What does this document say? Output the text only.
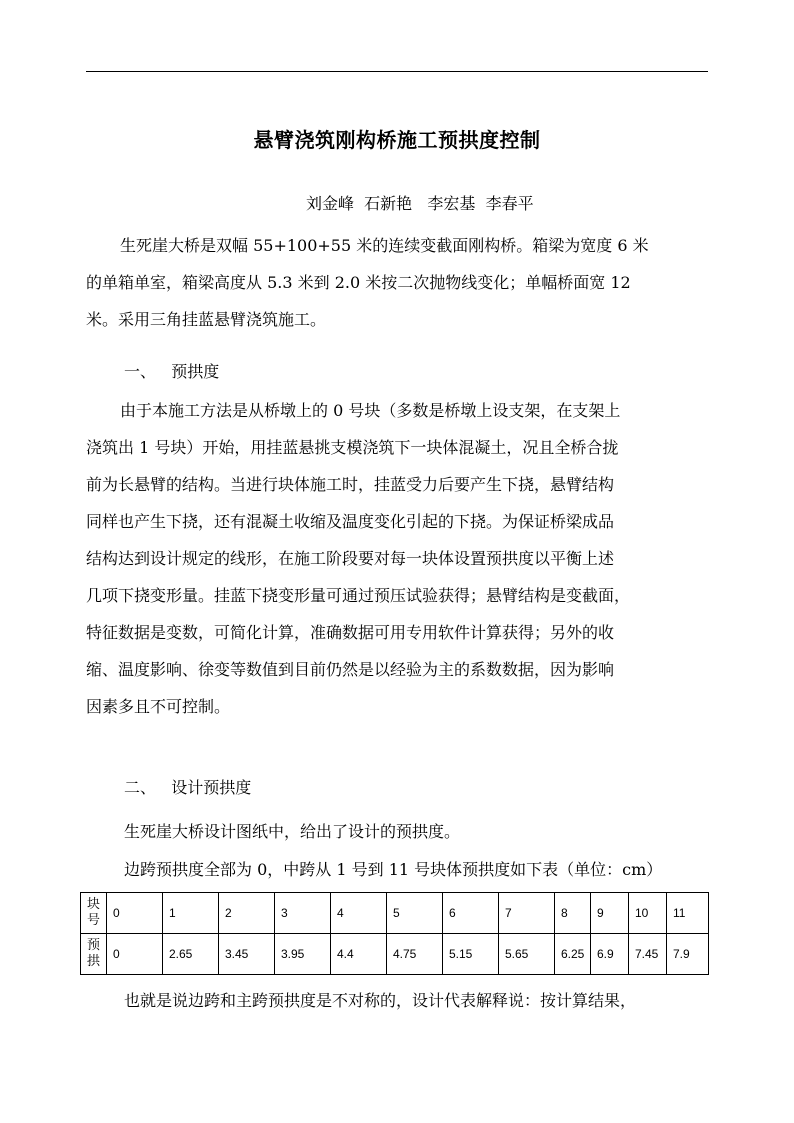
悬臂浇筑刚构桥施工预拱度控制
刘金峰  石新艳   李宏基  李春平
生死崖大桥是双幅 55+100+55 米的连续变截面刚构桥。箱梁为宽度 6 米
的单箱单室，箱梁高度从 5.3 米到 2.0 米按二次抛物线变化；单幅桥面宽 12
米。采用三角挂蓝悬臂浇筑施工。
一、 预拱度
由于本施工方法是从桥墩上的 0 号块（多数是桥墩上设支架，在支架上
浇筑出 1 号块）开始，用挂蓝悬挑支模浇筑下一块体混凝土，况且全桥合拢
前为长悬臂的结构。当进行块体施工时，挂蓝受力后要产生下挠，悬臂结构
同样也产生下挠，还有混凝土收缩及温度变化引起的下挠。为保证桥梁成品
结构达到设计规定的线形，在施工阶段要对每一块体设置预拱度以平衡上述
几项下挠变形量。挂蓝下挠变形量可通过预压试验获得；悬臂结构是变截面，
特征数据是变数，可简化计算，准确数据可用专用软件计算获得；另外的收
缩、温度影响、徐变等数值到目前仍然是以经验为主的系数数据，因为影响
因素多且不可控制。
二、 设计预拱度
生死崖大桥设计图纸中，给出了设计的预拱度。
边跨预拱度全部为 0，中跨从 1 号到 11 号块体预拱度如下表（单位：cm）
块号	0	1	2	3	4	5	6	7	8	9	10	11
预拱	0	2.65	3.45	3.95	4.4	4.75	5.15	5.65	6.25	6.9	7.45	7.9
也就是说边跨和主跨预拱度是不对称的，设计代表解释说：按计算结果，
